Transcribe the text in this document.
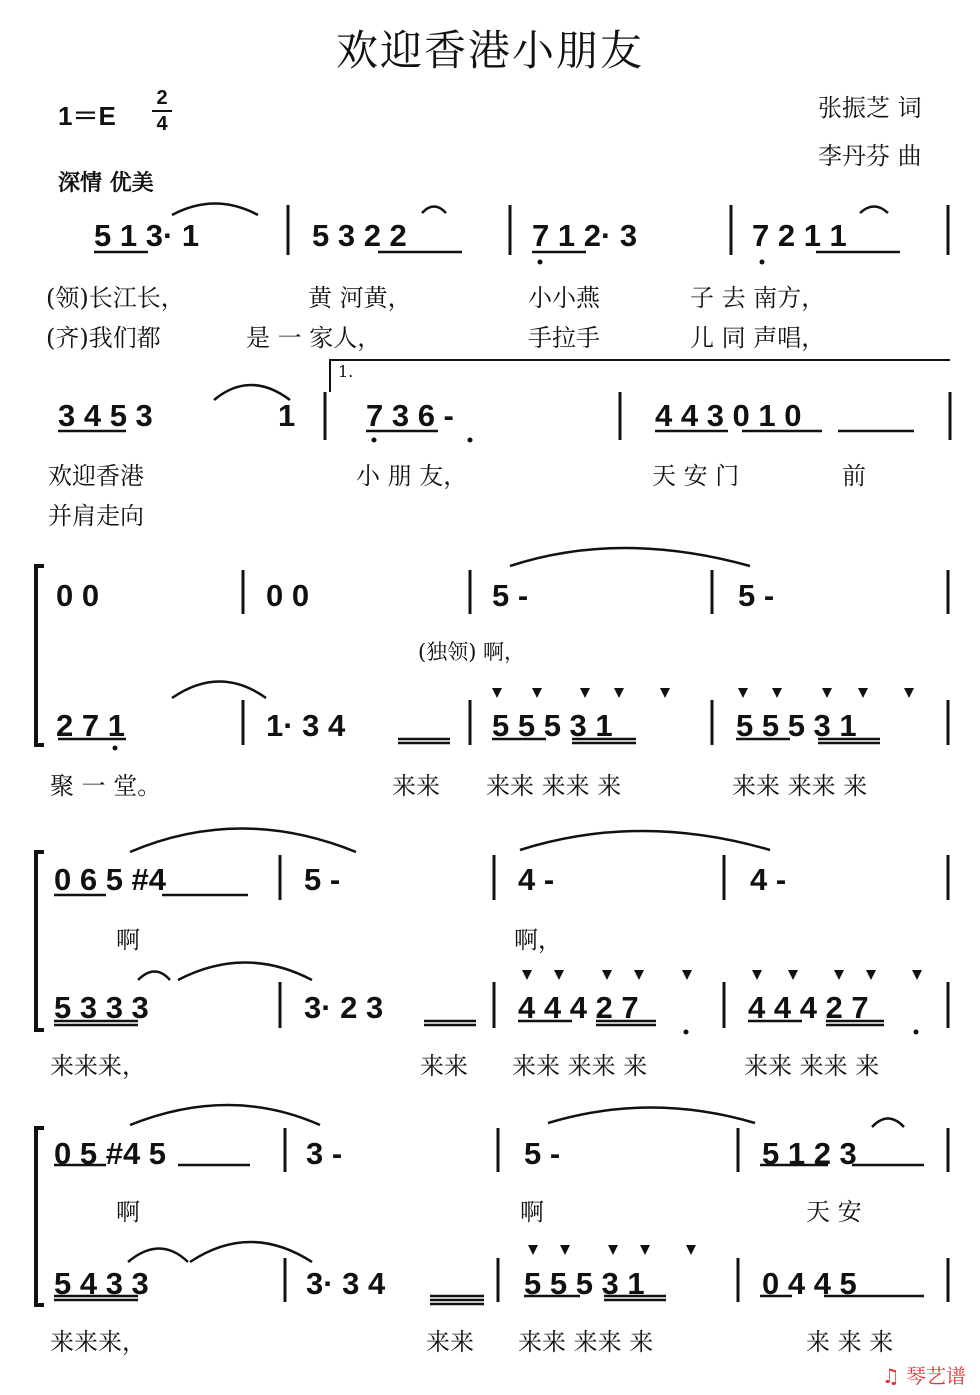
欢迎香港小朋友
1＝E
2
4
张振芝 词
李丹芬 曲
深情 优美
5 1 3· 1	5 3 2 2	7 1 2· 3	7 2 1 1
(领)长江长，	黄 河黄，	小小燕	子 去 南方，
(齐)我们都	是 一 家人，	手拉手	儿 同 声唱，
1.
3 4 5 3	1 7 3 6 -	4 4 3 0 1 0
欢迎香港	小 朋 友，	天 安 门	前
并肩走向
0 0	0 0	5 -	5 -
(独领) 啊，
2 7 1	1· 3 4	5 5 5 3 1	5 5 5 3 1
聚 一 堂。	来来 来来 来来 来	来来 来来 来
0 6 5 #4	5 -	4 -	4 -
啊	啊，
5 3 3 3	3· 2 3	4 4 4 2 7	4 4 4 2 7
来来来，	来来 来来 来来 来	来来 来来 来
0 5 #4 5	3 -	5 -	5 1 2 3
啊	啊	天 安
5 4 3 3	3· 3 4	5 5 5 3 1	0 4 4 5
来来来，	来来 来来 来来 来	来 来 来
♫ 琴艺谱
